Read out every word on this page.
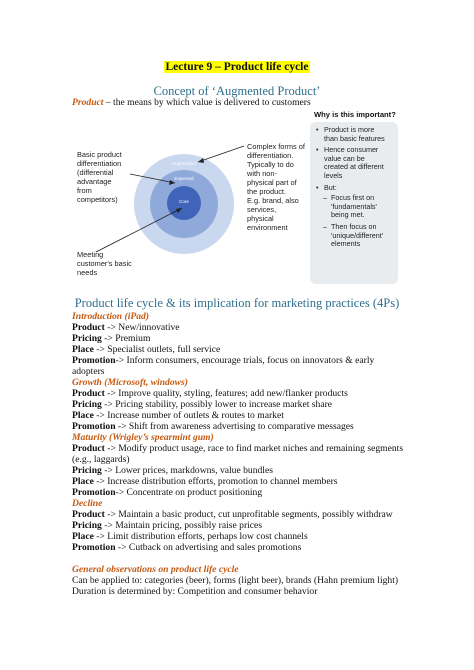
Lecture 9 – Product life cycle
Concept of ‘Augmented Product’
Product – the means by which value is delivered to customers
Augmented
Expected
Core
Basic product
differentiation
(differential
advantage
from
competitors)
Complex forms of
differentiation.
Typically to do
with non-
physical part of
the product.
E.g. brand, also
services,
physical
environment
Meeting
customer's basic
needs
Why is this important?
• Product is more
than basic features
• Hence consumer
value can be
created at different
levels
• But:
– Focus first on
'fundamentals'
being met.
– Then focus on
'unique/different'
elements
Product life cycle & its implication for marketing practices (4Ps)
Introduction (iPad)
Product -> New/innovative
Pricing -> Premium
Place -> Specialist outlets, full service
Promotion-> Inform consumers, encourage trials, focus on innovators & early
adopters
Growth (Microsoft, windows)
Product -> Improve quality, styling, features; add new/flanker products
Pricing -> Pricing stability, possibly lower to increase market share
Place -> Increase number of outlets & routes to market
Promotion -> Shift from awareness advertising to comparative messages
Maturity (Wrigley’s spearmint gum)
Product -> Modify product usage, race to find market niches and remaining segments
(e.g., laggards)
Pricing -> Lower prices, markdowns, value bundles
Place -> Increase distribution efforts, promotion to channel members
Promotion-> Concentrate on product positioning
Decline
Product -> Maintain a basic product, cut unprofitable segments, possibly withdraw
Pricing -> Maintain pricing, possibly raise prices
Place -> Limit distribution efforts, perhaps low cost channels
Promotion -> Cutback on advertising and sales promotions
General observations on product life cycle
Can be applied to: categories (beer), forms (light beer), brands (Hahn premium light)
Duration is determined by: Competition and consumer behavior
